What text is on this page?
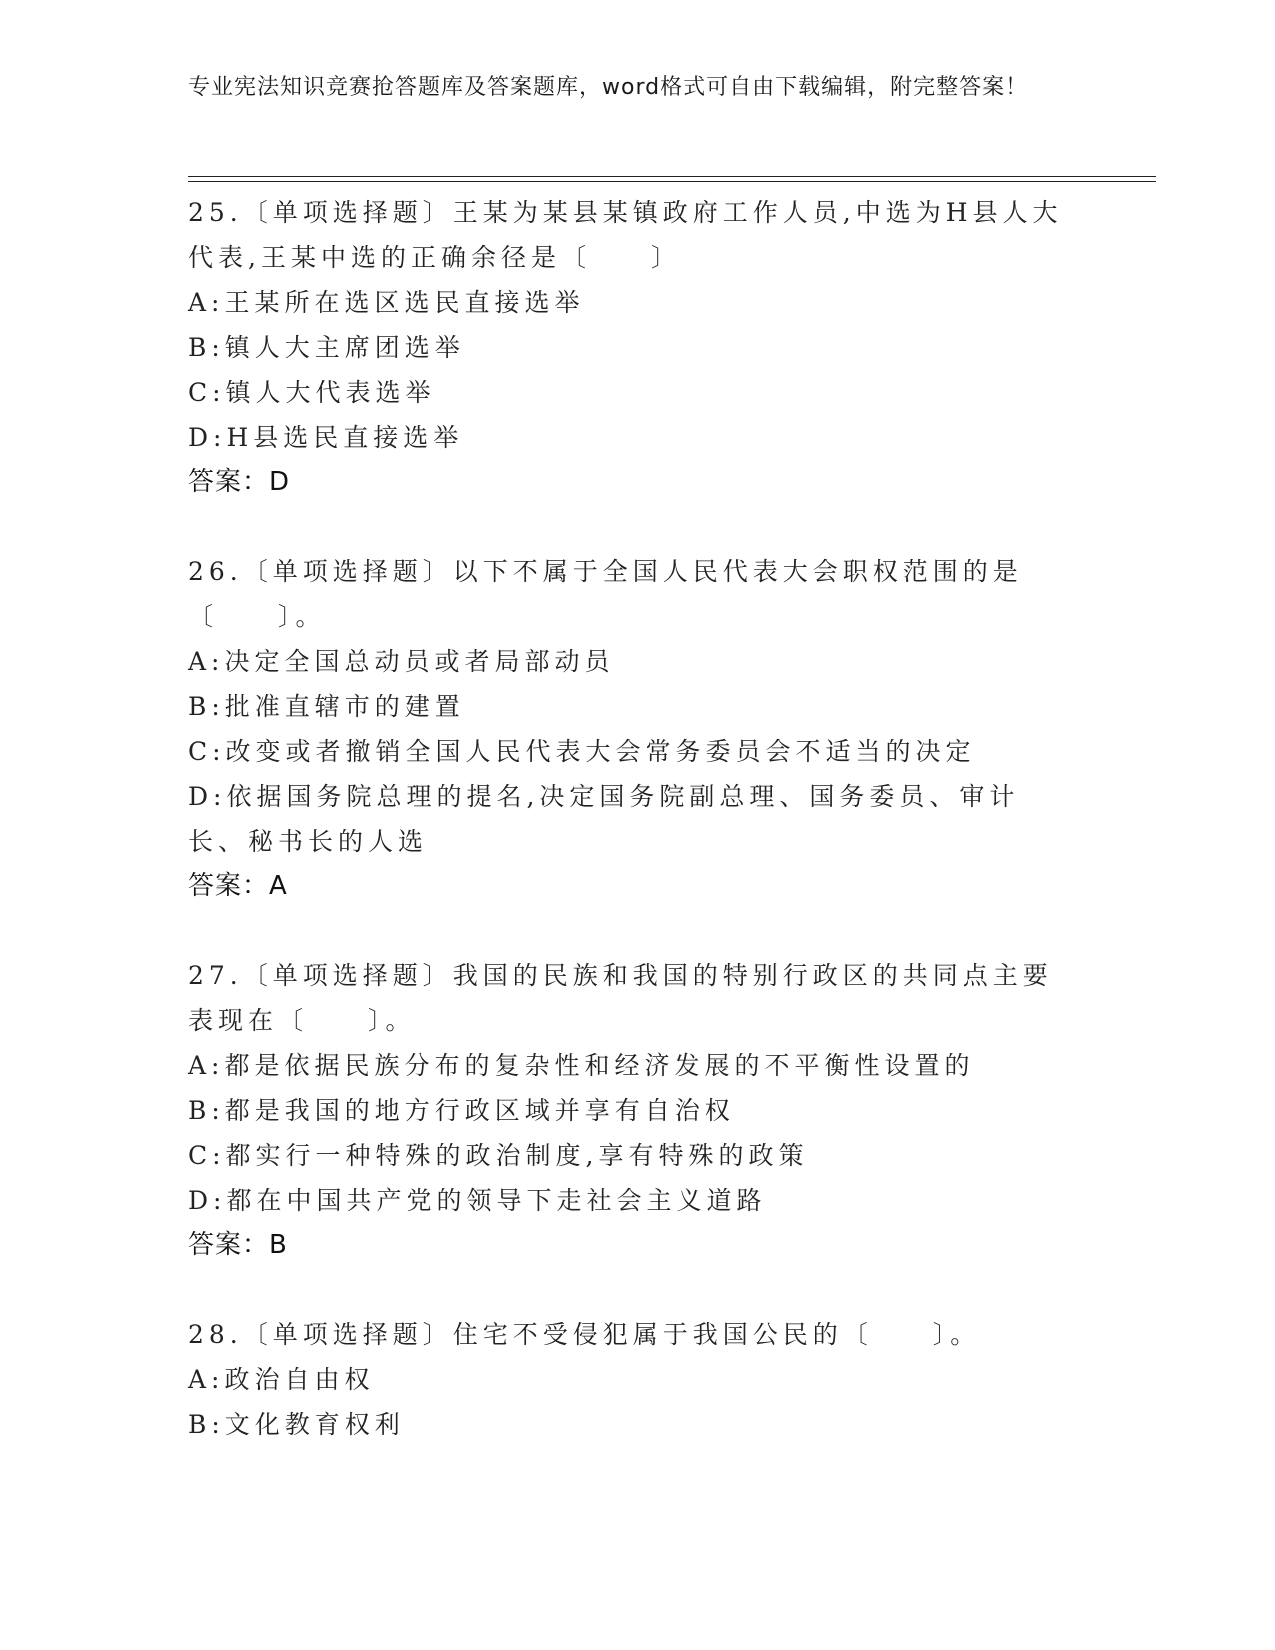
专业宪法知识竞赛抢答题库及答案题库，word格式可自由下载编辑，附完整答案！

25.〔单项选择题〕王某为某县某镇政府工作人员,中选为H县人大代表,王某中选的正确余径是〔　　〕

A:王某所在选区选民直接选举

B:镇人大主席团选举

C:镇人大代表选举

D:H县选民直接选举

答案：D

26.〔单项选择题〕以下不属于全国人民代表大会职权范围的是〔　　〕。

A:决定全国总动员或者局部动员

B:批准直辖市的建置

C:改变或者撤销全国人民代表大会常务委员会不适当的决定

D:依据国务院总理的提名,决定国务院副总理、国务委员、审计长、秘书长的人选

答案：A

27.〔单项选择题〕我国的民族和我国的特别行政区的共同点主要表现在〔　　〕。

A:都是依据民族分布的复杂性和经济发展的不平衡性设置的

B:都是我国的地方行政区域并享有自治权

C:都实行一种特殊的政治制度,享有特殊的政策

D:都在中国共产党的领导下走社会主义道路

答案：B

28.〔单项选择题〕住宅不受侵犯属于我国公民的〔　　〕。

A:政治自由权

B:文化教育权利
